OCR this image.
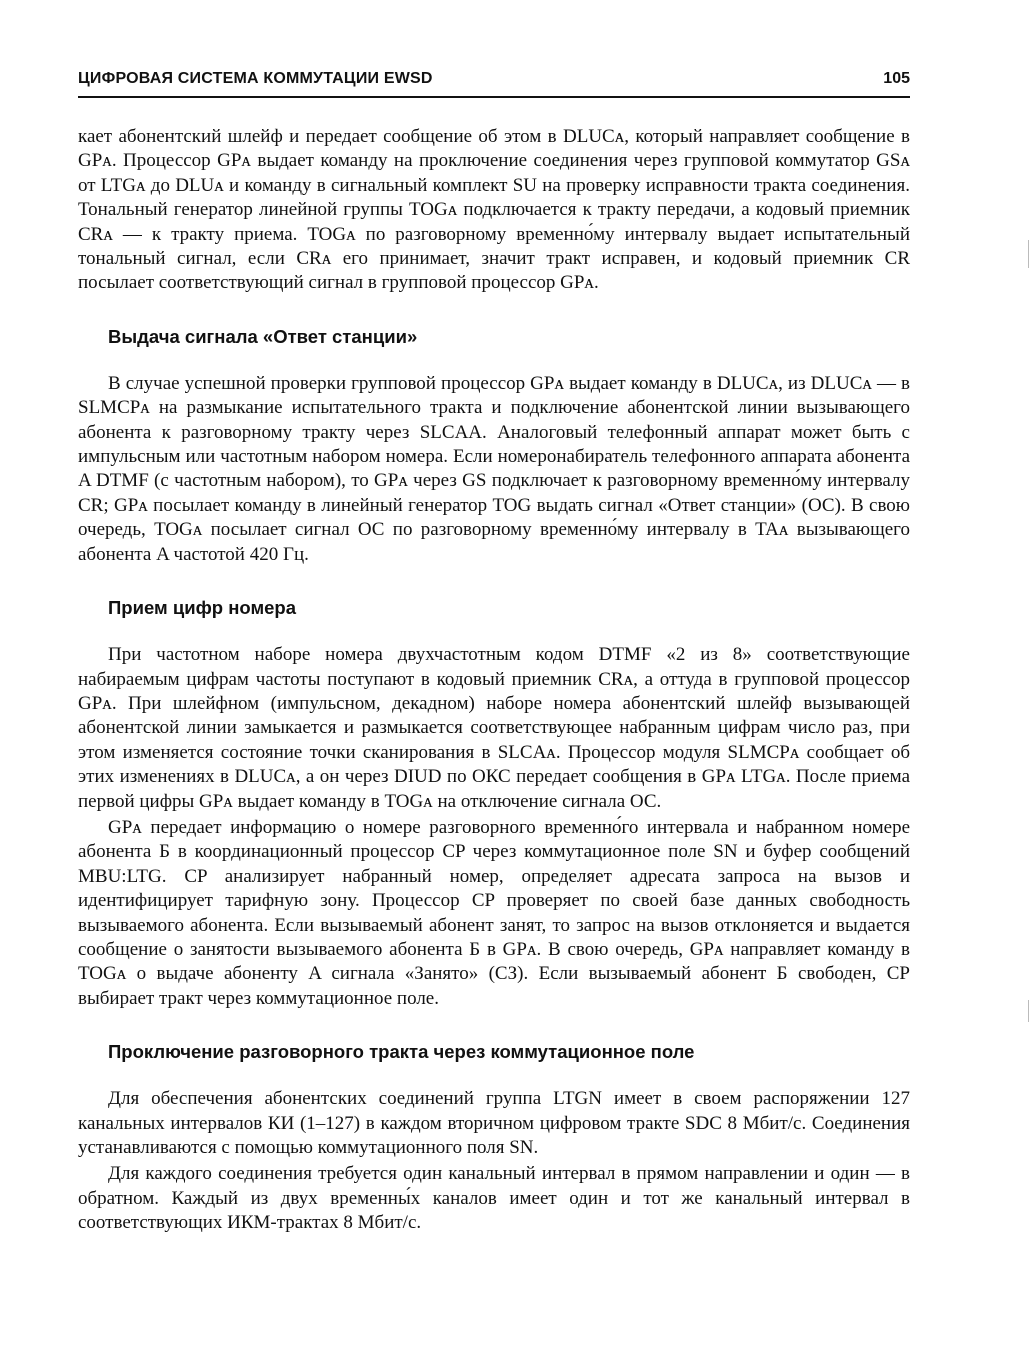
ЦИФРОВАЯ СИСТЕМА КОММУТАЦИИ EWSD	105

кает абонентский шлейф и передает сообщение об этом в DLUCᴀ, который направляет сообщение в GPᴀ. Процессор GPᴀ выдает команду на проключение соединения через групповой коммутатор GSᴀ от LTGᴀ до DLUᴀ и команду в сигнальный комплект SU на проверку исправности тракта соединения. Тональный генератор линейной группы TOGᴀ подключается к тракту передачи, а кодовый приемник CRᴀ — к тракту приема. TOGᴀ по разговорному временно́му интервалу выдает испытательный тональный сигнал, если CRᴀ его принимает, значит тракт исправен, и кодовый приемник CR посылает соответствующий сигнал в групповой процессор GPᴀ.

Выдача сигнала «Ответ станции»

В случае успешной проверки групповой процессор GPᴀ выдает команду в DLUCᴀ, из DLUCᴀ — в SLMCPᴀ на размыкание испытательного тракта и подключение абонентской линии вызывающего абонента к разговорному тракту через SLCAA. Аналоговый телефонный аппарат может быть с импульсным или частотным набором номера. Если номеронабиратель телефонного аппарата абонента A DTMF (с частотным набором), то GPᴀ через GS подключает к разговорному временно́му интервалу CR; GPᴀ посылает команду в линейный генератор TOG выдать сигнал «Ответ станции» (ОС). В свою очередь, TOGᴀ посылает сигнал ОС по разговорному временно́му интервалу в TAᴀ вызывающего абонента A частотой 420 Гц.

Прием цифр номера

При частотном наборе номера двухчастотным кодом DTMF «2 из 8» соответствующие набираемым цифрам частоты поступают в кодовый приемник CRᴀ, а оттуда в групповой процессор GPᴀ. При шлейфном (импульсном, декадном) наборе номера абонентский шлейф вызывающей абонентской линии замыкается и размыкается соответствующее набранным цифрам число раз, при этом изменяется состояние точки сканирования в SLCAᴀ. Процессор модуля SLMCPᴀ сообщает об этих изменениях в DLUCᴀ, а он через DIUD по ОКС передает сообщения в GPᴀ LTGᴀ. После приема первой цифры GPᴀ выдает команду в TOGᴀ на отключение сигнала ОС.

GPᴀ передает информацию о номере разговорного временно́го интервала и набранном номере абонента Б в координационный процессор CP через коммутационное поле SN и буфер сообщений MBU:LTG. CP анализирует набранный номер, определяет адресата запроса на вызов и идентифицирует тарифную зону. Процессор CP проверяет по своей базе данных свободность вызываемого абонента. Если вызываемый абонент занят, то запрос на вызов отклоняется и выдается сообщение о занятости вызываемого абонента Б в GPᴀ. В свою очередь, GPᴀ направляет команду в TOGᴀ о выдаче абоненту A сигнала «Занято» (СЗ). Если вызываемый абонент Б свободен, CP выбирает тракт через коммутационное поле.

Проключение разговорного тракта через коммутационное поле

Для обеспечения абонентских соединений группа LTGN имеет в своем распоряжении 127 канальных интервалов КИ (1–127) в каждом вторичном цифровом тракте SDC 8 Мбит/с. Соединения устанавливаются с помощью коммутационного поля SN.

Для каждого соединения требуется один канальный интервал в прямом направлении и один — в обратном. Каждый из двух временны́х каналов имеет один и тот же канальный интервал в соответствующих ИКМ-трактах 8 Мбит/с.
